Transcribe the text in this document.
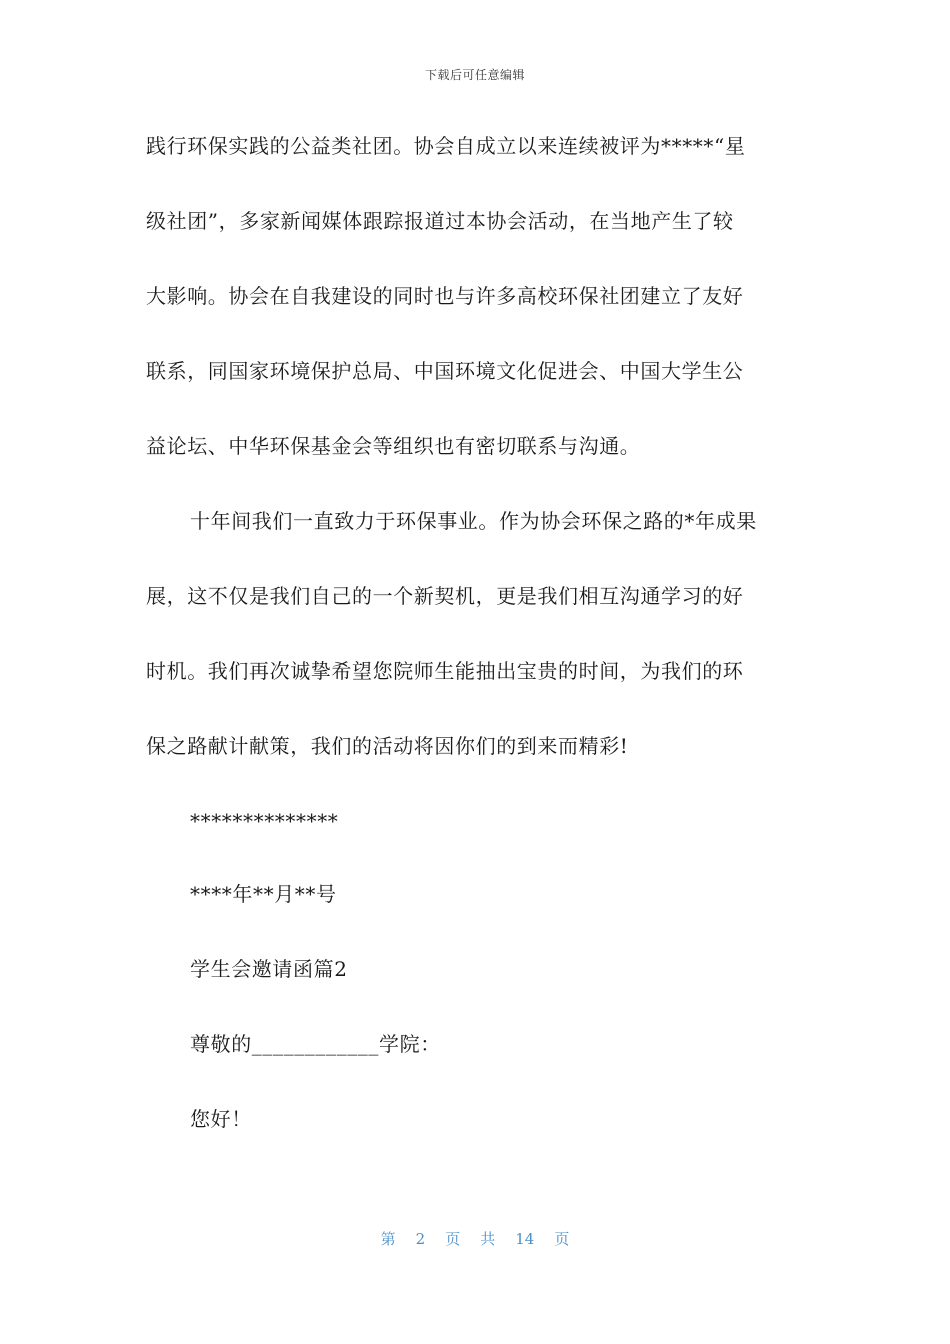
下载后可任意编辑
践行环保实践的公益类社团。协会自成立以来连续被评为*****“星
级社团”，多家新闻媒体跟踪报道过本协会活动，在当地产生了较
大影响。协会在自我建设的同时也与许多高校环保社团建立了友好
联系，同国家环境保护总局、中国环境文化促进会、中国大学生公
益论坛、中华环保基金会等组织也有密切联系与沟通。
十年间我们一直致力于环保事业。作为协会环保之路的*年成果
展，这不仅是我们自己的一个新契机，更是我们相互沟通学习的好
时机。我们再次诚挚希望您院师生能抽出宝贵的时间，为我们的环
保之路献计献策，我们的活动将因你们的到来而精彩!
**************
****年**月**号
学生会邀请函篇2
尊敬的____________学院：
您好！
第 2 页 共 14 页
